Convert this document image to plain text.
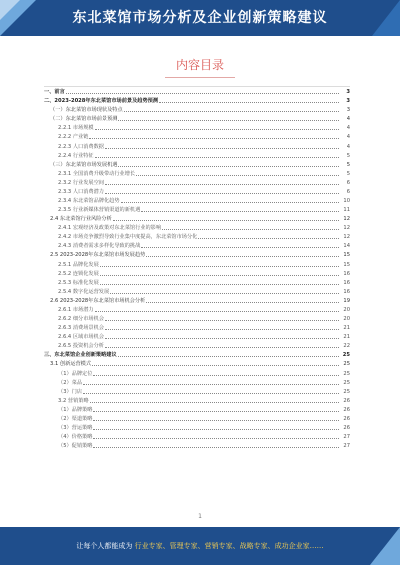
东北菜馆市场分析及企业创新策略建议
内容目录
一、前言	3
二、2023-2028年东北菜馆市场前景及趋势预测	3
（一）东北菜馆市场现状及特点	3
（二）东北菜馆市场前景预测	4
2.2.1 市场规模	4
2.2.2 产业链	4
2.2.3 人口消费数据	4
2.2.4 行业特征	5
（三）东北菜馆市场发展机遇	5
2.3.1 全国消费升级带动行业增长	5
2.3.2 行业发展空间	6
2.3.3 人口消费潜力	6
2.3.4 东北菜馆品牌化趋势	10
2.3.5 行业新媒体营销渠道的新机遇	11
2.4 东北菜馆行业风险分析	12
2.4.1 宏观经济及政策对东北菜馆行业的影响	12
2.4.2 市场竞争激烈导致行业集中度提高，东北菜馆市场分化	12
2.4.3 消费者需求多样化导致的挑战	14
2.5 2023-2028年东北菜馆市场发展趋势	15
2.5.1 品牌化发展	15
2.5.2 连锁化发展	16
2.5.3 标准化发展	16
2.5.4 数字化运营发展	16
2.6 2023-2028年东北菜馆市场机会分析	19
2.6.1 市场潜力	20
2.6.2 细分市场机会	20
2.6.3 消费场景机会	21
2.6.4 区域市场机会	21
2.6.5 投资机会分析	22
三、东北菜馆企业创新策略建议	25
3.1 创新运营模式	25
（1）品牌定位	25
（2）菜品	25
（3）门店	25
3.2 营销策略	26
（1）品牌策略	26
（2）渠道策略	26
（3）营运策略	26
（4）价格策略	27
（5）促销策略	27
1
让每个人都能成为 行业专家、管理专家、营销专家、战略专家、成功企业家……
